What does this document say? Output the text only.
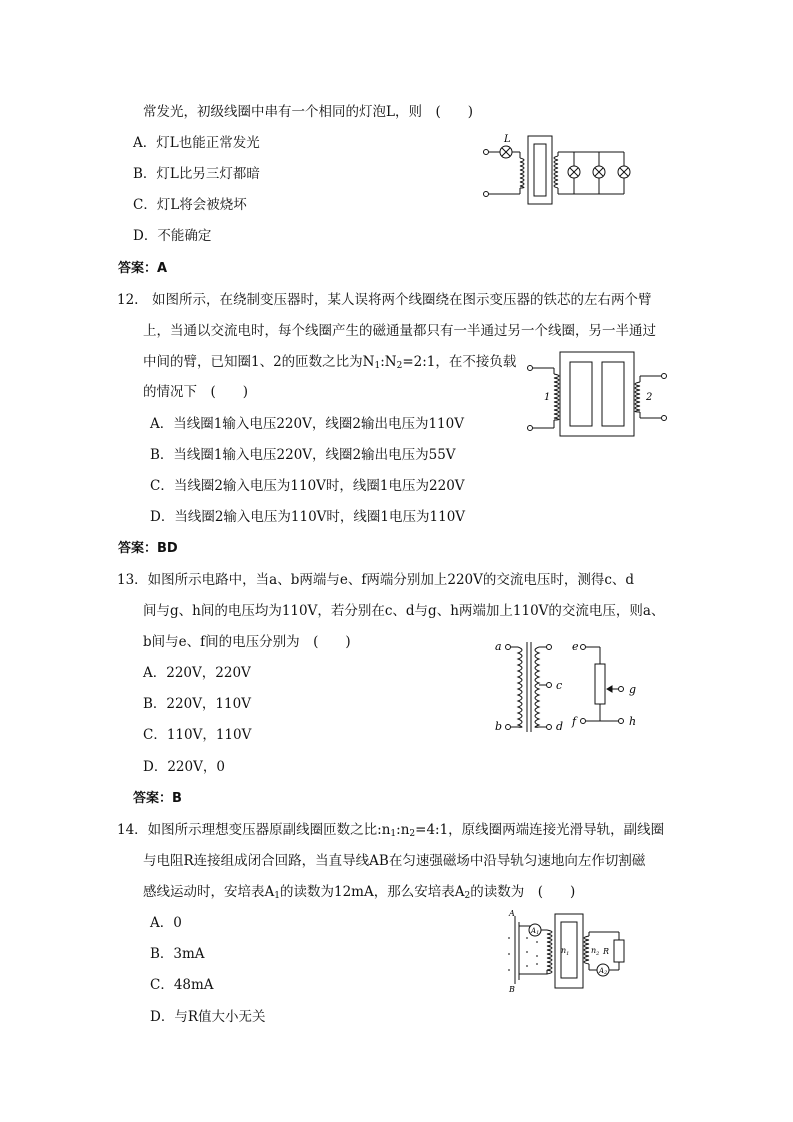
常发光，初级线圈中串有一个相同的灯泡L，则　(　　)
A．灯L也能正常发光
B．灯L比另三灯都暗
C．灯L将会被烧坏
D．不能确定
答案：A
L
12.　如图所示，在绕制变压器时，某人误将两个线圈绕在图示变压器的铁芯的左右两个臂
上，当通以交流电时，每个线圈产生的磁通量都只有一半通过另一个线圈，另一半通过
中间的臂，已知圈1、2的匝数之比为$N_1:N_2=2:1$，在不接负载
的情况下　(　　)
A．当线圈1输入电压220V，线圈2输出电压为110V
B．当线圈1输入电压220V，线圈2输出电压为55V
C．当线圈2输入电压为110V时，线圈1电压为220V
D．当线圈2输入电压为110V时，线圈1电压为110V
答案：BD
1	2
13．如图所示电路中，当a、b两端与e、f两端分别加上220V的交流电压时，测得c、d
间与g、h间的电压均为110V，若分别在c、d与g、h两端加上110V的交流电压，则a、
b间与e、f间的电压分别为　(　　)
A．220V，220V
B．220V，110V
C．110V，110V
D．220V，0
答案：B
a
b
c
d
e
f
g
h
14．如图所示理想变压器原副线圈匝数之比$:n_1:n_2=4:1$，原线圈两端连接光滑导轨，副线圈
与电阻R连接组成闭合回路，当直导线AB在匀速强磁场中沿导轨匀速地向左作切割磁
感线运动时，安培表$A_1$的读数为12mA，那么安培表$A_2$的读数为　(　　)
A．0
B．3mA
C．48mA
D．与R值大小无关
A
B
A1
A2
$n_1$	$n_2$ R
